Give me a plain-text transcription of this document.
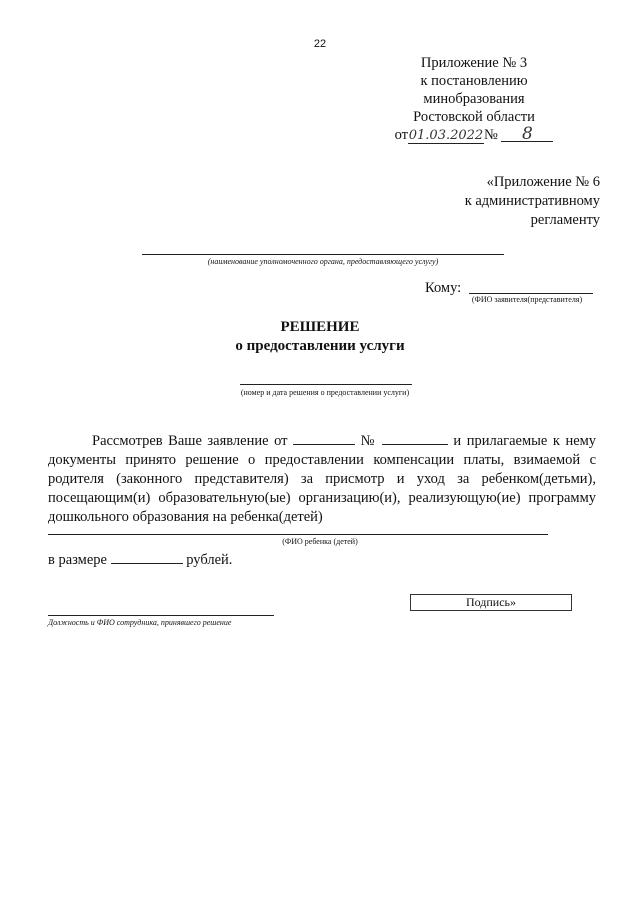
22
Приложение № 3
к постановлению
минобразования
Ростовской области
от01.03.2022№ 8
«Приложение № 6
к административному
регламенту
(наименование уполномоченного органа, предоставляющего услугу)
Кому:
(ФИО заявителя(представителя)
РЕШЕНИЕ
о предоставлении услуги
(номер и дата решения о предоставлении услуги)
Рассмотрев Ваше заявление от	№	и прилагаемые к нему документы принято решение о предоставлении компенсации платы, взимаемой с родителя (законного представителя) за присмотр и уход за ребенком(детьми), посещающим(и) образовательную(ые) организацию(и), реализующую(ие) программу дошкольного образования на ребенка(детей)
(ФИО ребенка (детей)
в размере	рублей.
Подпись»
Должность и ФИО сотрудника, принявшего решение
